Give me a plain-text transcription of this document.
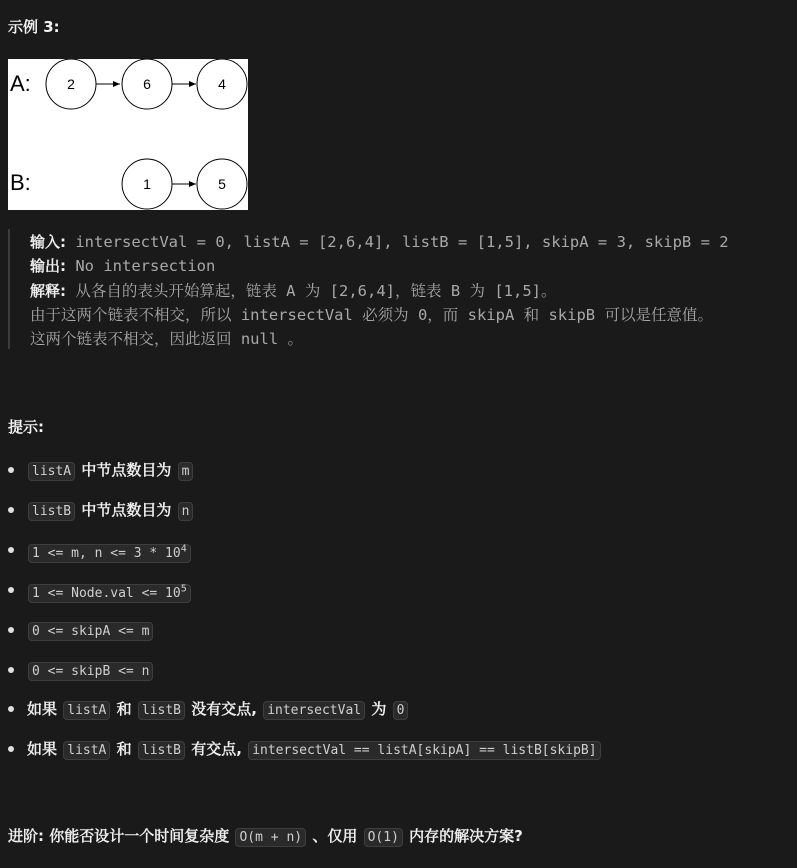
示例 3:
A:
B:
2	6	4
1	5
输入: intersectVal = 0, listA = [2,6,4], listB = [1,5], skipA = 3, skipB = 2
输出: No intersection
解释: 从各自的表头开始算起，链表 A 为 [2,6,4]，链表 B 为 [1,5]。
由于这两个链表不相交，所以 intersectVal 必须为 0，而 skipA 和 skipB 可以是任意值。
这两个链表不相交，因此返回 null 。
提示:
listA 中节点数目为 m
listB 中节点数目为 n
1 <= m, $n <= 3 * 10^4$
1 <= Node.val <= $10^5$
0 <= skipA <= m
0 <= skipB <= n
如果 listA 和 listB 没有交点, intersectVal 为 0
如果 listA 和 listB 有交点, intersectVal == listA[skipA] == listB[skipB]
进阶: 你能否设计一个时间复杂度 O(m + n) 、仅用 O(1) 内存的解决方案?
